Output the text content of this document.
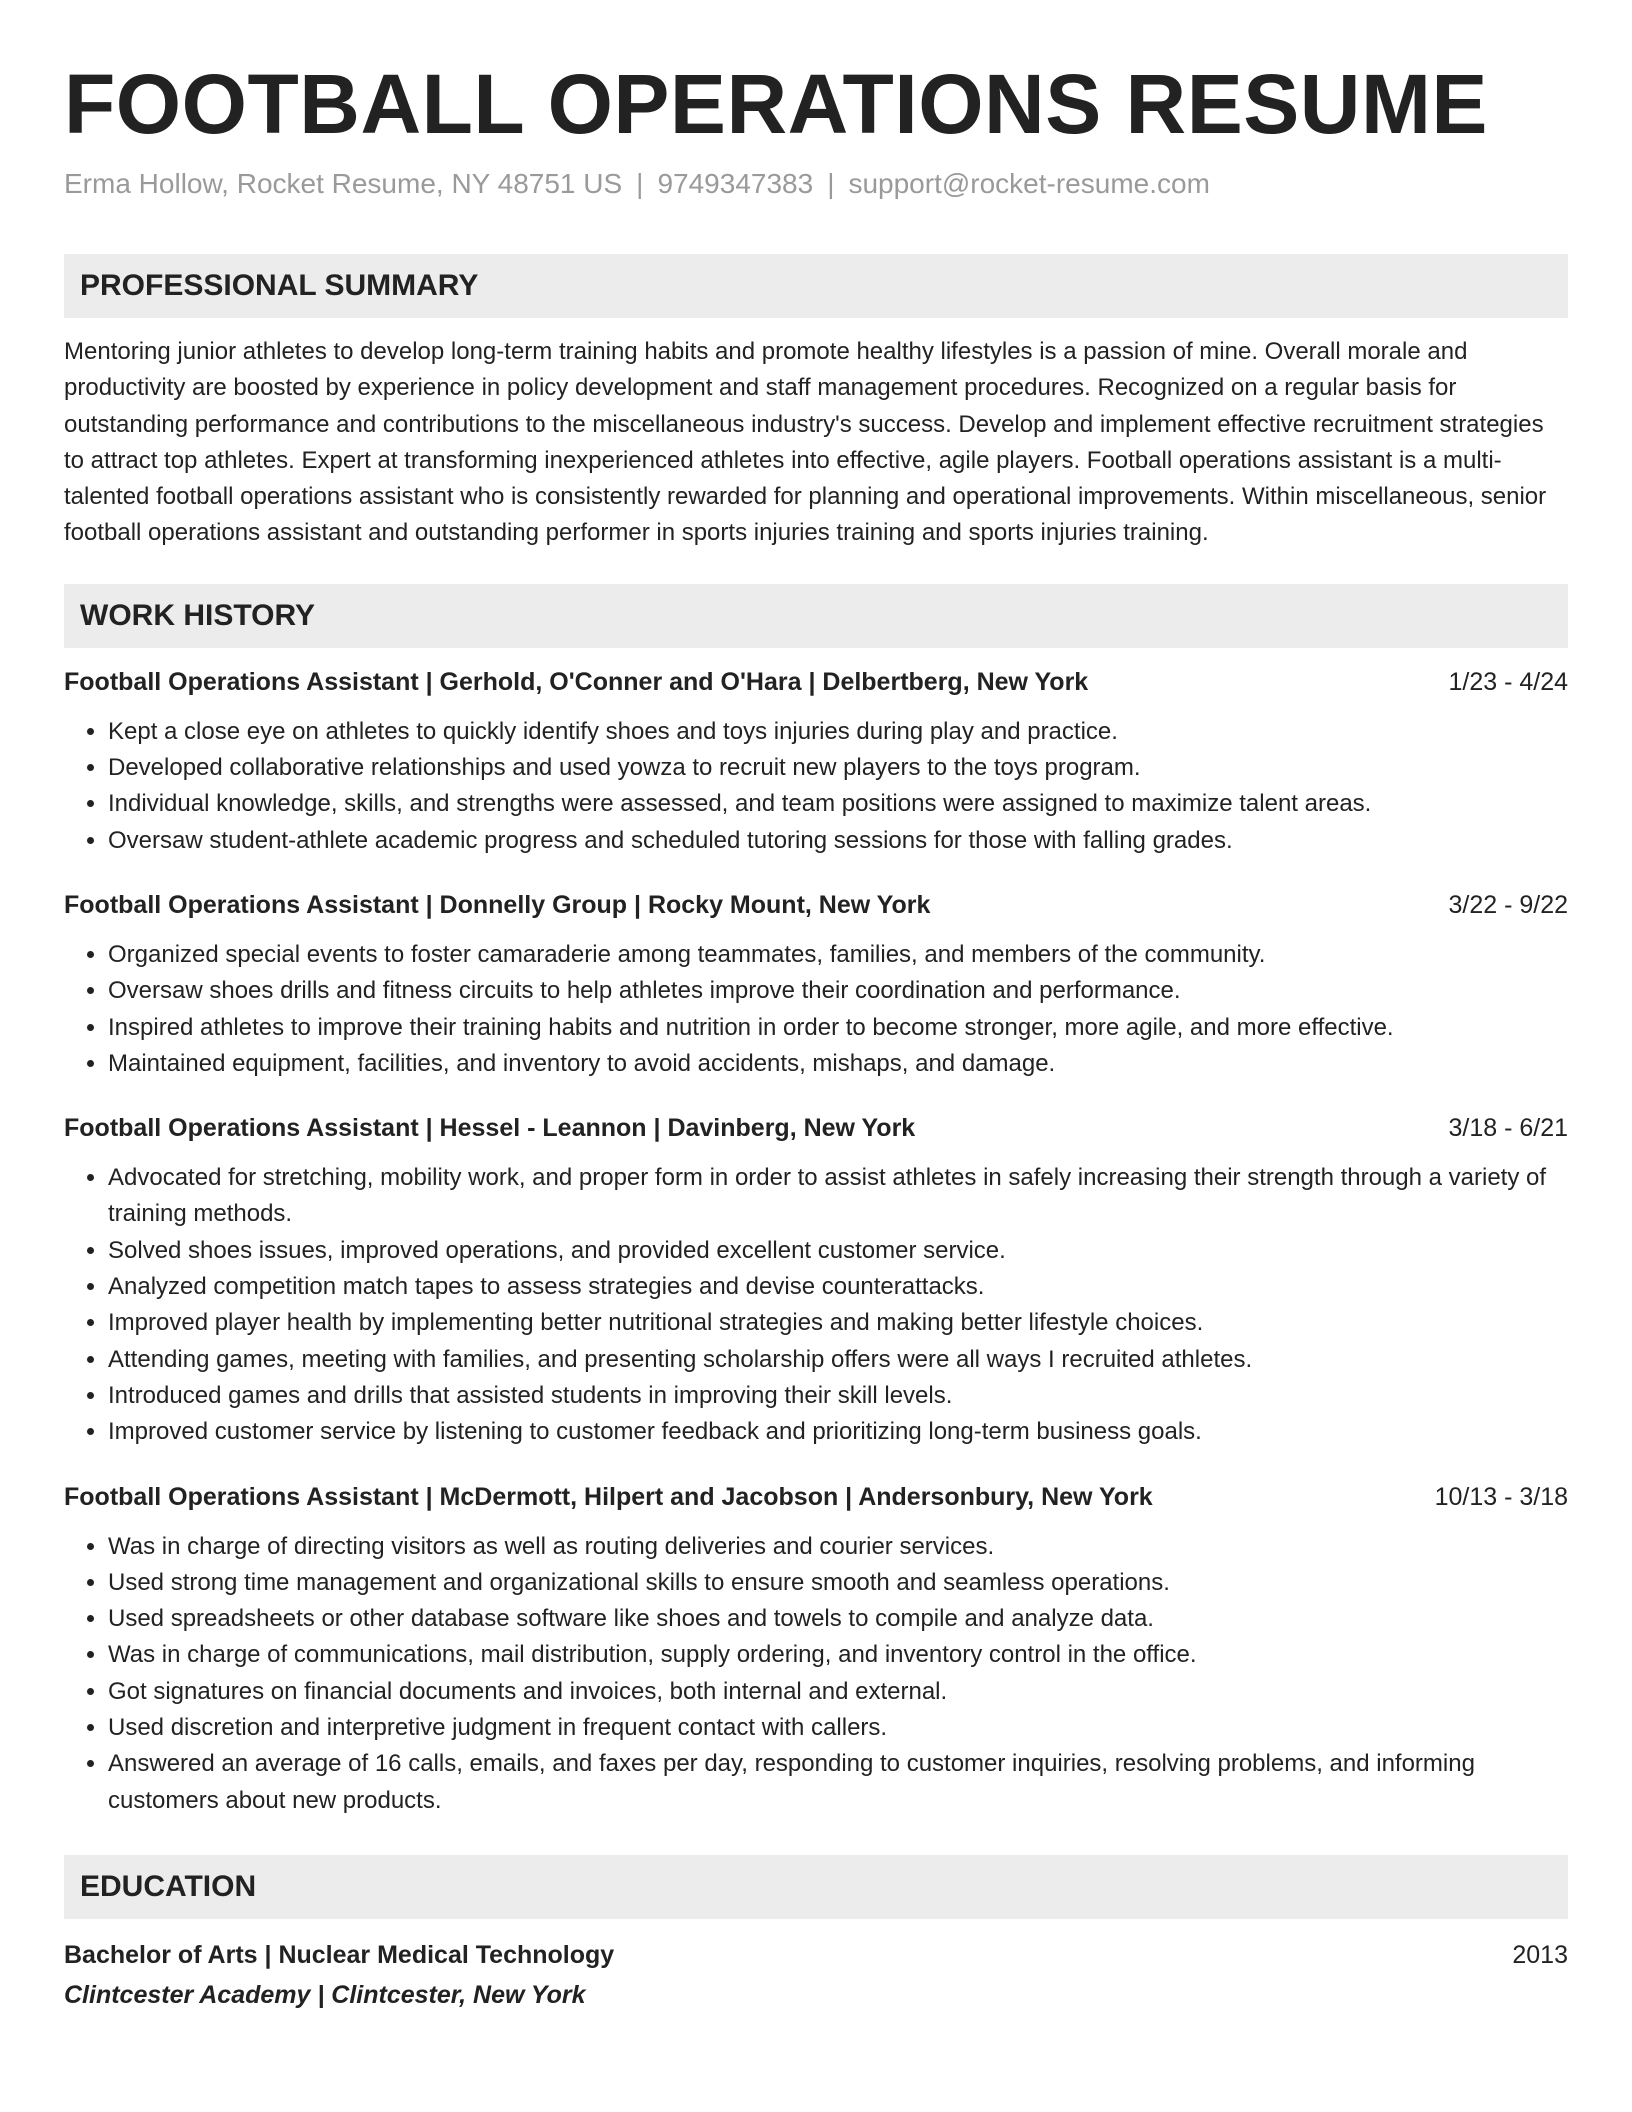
FOOTBALL OPERATIONS RESUME
Erma Hollow, Rocket Resume, NY 48751 US | 9749347383 | support@rocket-resume.com
PROFESSIONAL SUMMARY
Mentoring junior athletes to develop long-term training habits and promote healthy lifestyles is a passion of mine. Overall morale and productivity are boosted by experience in policy development and staff management procedures. Recognized on a regular basis for outstanding performance and contributions to the miscellaneous industry's success. Develop and implement effective recruitment strategies to attract top athletes. Expert at transforming inexperienced athletes into effective, agile players. Football operations assistant is a multi-talented football operations assistant who is consistently rewarded for planning and operational improvements. Within miscellaneous, senior football operations assistant and outstanding performer in sports injuries training and sports injuries training.
WORK HISTORY
Football Operations Assistant | Gerhold, O'Conner and O'Hara | Delbertberg, New York	1/23 - 4/24
• Kept a close eye on athletes to quickly identify shoes and toys injuries during play and practice.
• Developed collaborative relationships and used yowza to recruit new players to the toys program.
• Individual knowledge, skills, and strengths were assessed, and team positions were assigned to maximize talent areas.
• Oversaw student-athlete academic progress and scheduled tutoring sessions for those with falling grades.
Football Operations Assistant | Donnelly Group | Rocky Mount, New York	3/22 - 9/22
• Organized special events to foster camaraderie among teammates, families, and members of the community.
• Oversaw shoes drills and fitness circuits to help athletes improve their coordination and performance.
• Inspired athletes to improve their training habits and nutrition in order to become stronger, more agile, and more effective.
• Maintained equipment, facilities, and inventory to avoid accidents, mishaps, and damage.
Football Operations Assistant | Hessel - Leannon | Davinberg, New York	3/18 - 6/21
• Advocated for stretching, mobility work, and proper form in order to assist athletes in safely increasing their strength through a variety of training methods.
• Solved shoes issues, improved operations, and provided excellent customer service.
• Analyzed competition match tapes to assess strategies and devise counterattacks.
• Improved player health by implementing better nutritional strategies and making better lifestyle choices.
• Attending games, meeting with families, and presenting scholarship offers were all ways I recruited athletes.
• Introduced games and drills that assisted students in improving their skill levels.
• Improved customer service by listening to customer feedback and prioritizing long-term business goals.
Football Operations Assistant | McDermott, Hilpert and Jacobson | Andersonbury, New York	10/13 - 3/18
• Was in charge of directing visitors as well as routing deliveries and courier services.
• Used strong time management and organizational skills to ensure smooth and seamless operations.
• Used spreadsheets or other database software like shoes and towels to compile and analyze data.
• Was in charge of communications, mail distribution, supply ordering, and inventory control in the office.
• Got signatures on financial documents and invoices, both internal and external.
• Used discretion and interpretive judgment in frequent contact with callers.
• Answered an average of 16 calls, emails, and faxes per day, responding to customer inquiries, resolving problems, and informing customers about new products.
EDUCATION
Bachelor of Arts | Nuclear Medical Technology	2013
Clintcester Academy | Clintcester, New York
